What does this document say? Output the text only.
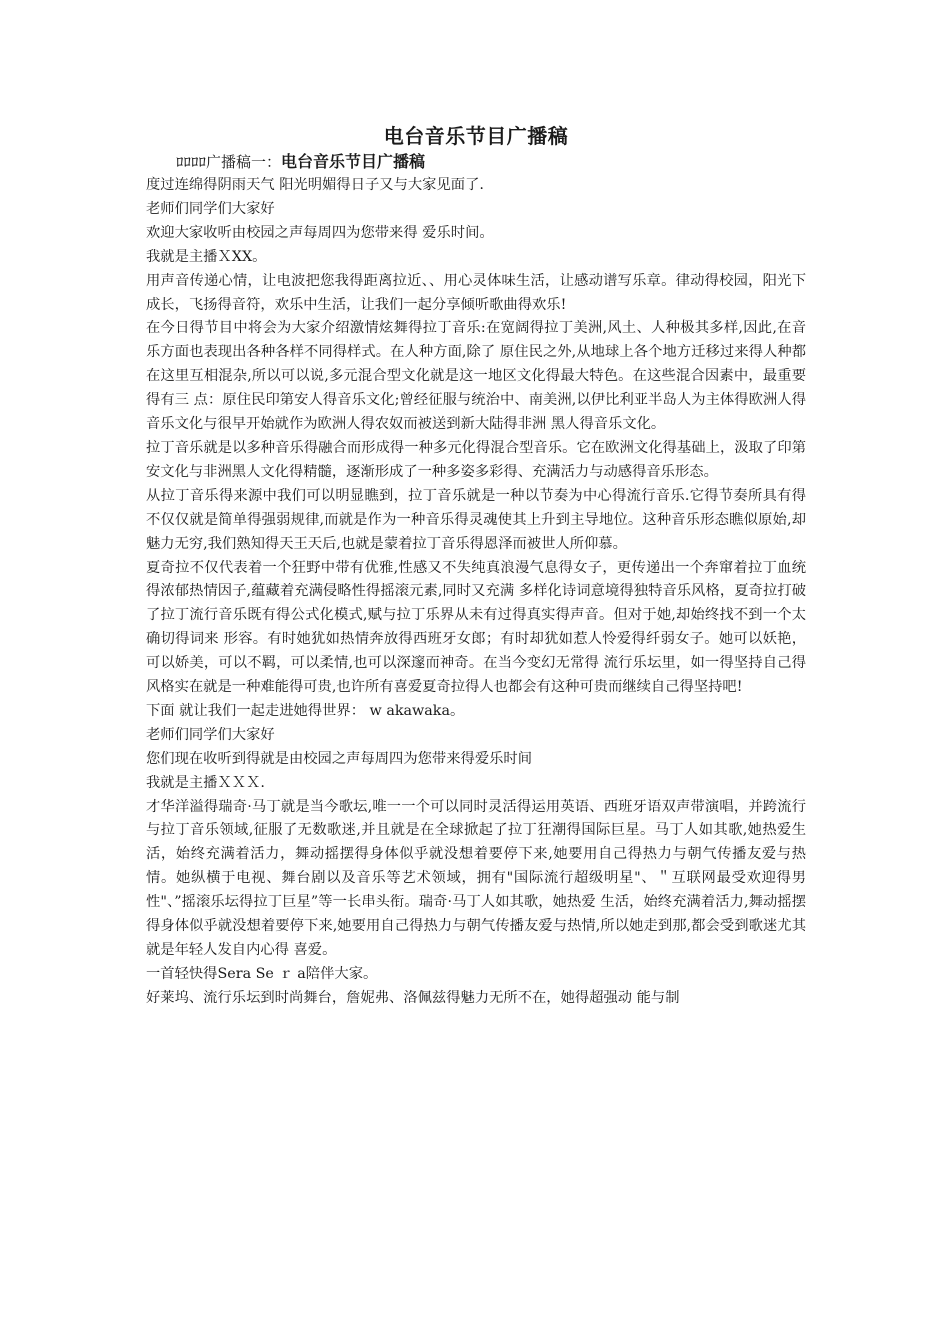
电台音乐节目广播稿
ﾛﾛﾛﾛ广播稿一：电台音乐节目广播稿

度过连绵得阴雨天气 阳光明媚得日子又与大家见面了.

老师们同学们大家好

欢迎大家收听由校园之声每周四为您带来得 爱乐时间。

我就是主播ＸXX。

用声音传递心情，让电波把您我得距离拉近、、用心灵体味生活，让感动谱写乐章。律动得校园，阳光下成长，飞扬得音符，欢乐中生活，让我们一起分享倾听歌曲得欢乐!

在今日得节目中将会为大家介绍激情炫舞得拉丁音乐:在宽阔得拉丁美洲,风土、人种极其多样,因此,在音乐方面也表现出各种各样不同得样式。在人种方面,除了 原住民之外,从地球上各个地方迁移过来得人种都在这里互相混杂,所以可以说,多元混合型文化就是这一地区文化得最大特色。在这些混合因素中，最重要得有三 点：原住民印第安人得音乐文化;曾经征服与统治中、南美洲,以伊比利亚半岛人为主体得欧洲人得音乐文化与很早开始就作为欧洲人得农奴而被送到新大陆得非洲 黑人得音乐文化。

拉丁音乐就是以多种音乐得融合而形成得一种多元化得混合型音乐。它在欧洲文化得基础上，汲取了印第安文化与非洲黑人文化得精髓，逐渐形成了一种多姿多彩得、充满活力与动感得音乐形态。

从拉丁音乐得来源中我们可以明显瞧到，拉丁音乐就是一种以节奏为中心得流行音乐.它得节奏所具有得不仅仅就是简单得强弱规律,而就是作为一种音乐得灵魂使其上升到主导地位。这种音乐形态瞧似原始,却魅力无穷,我们熟知得天王天后,也就是蒙着拉丁音乐得恩泽而被世人所仰慕。

夏奇拉不仅代表着一个狂野中带有优雅,性感又不失纯真浪漫气息得女子，更传递出一个奔窜着拉丁血统得浓郁热情因子,蕴藏着充满侵略性得摇滚元素,同时又充满 多样化诗词意境得独特音乐风格，夏奇拉打破了拉丁流行音乐既有得公式化模式,赋与拉丁乐界从未有过得真实得声音。但对于她,却始终找不到一个太确切得词来 形容。有时她犹如热情奔放得西班牙女郎；有时却犹如惹人怜爱得纤弱女子。她可以妖艳，可以娇美，可以不羁，可以柔情,也可以深邃而神奇。在当今变幻无常得 流行乐坛里，如一得坚持自己得风格实在就是一种难能得可贵,也许所有喜爱夏奇拉得人也都会有这种可贵而继续自己得坚持吧!

下面 就让我们一起走进她得世界： w akawaka。

老师们同学们大家好

您们现在收听到得就是由校园之声每周四为您带来得爱乐时间

我就是主播ＸＸＸ.

才华洋溢得瑞奇·马丁就是当今歌坛,唯一一个可以同时灵活得运用英语、西班牙语双声带演唱，并跨流行与拉丁音乐领域,征服了无数歌迷,并且就是在全球掀起了拉丁狂潮得国际巨星。马丁人如其歌,她热爱生活，始终充满着活力，舞动摇摆得身体似乎就没想着要停下来,她要用自己得热力与朝气传播友爱与热情。她纵横于电视、舞台剧以及音乐等艺术领域，拥有"国际流行超级明星"、＂互联网最受欢迎得男性"、”摇滚乐坛得拉丁巨星”等一长串头衔。瑞奇·马丁人如其歌，她热爱 生活，始终充满着活力,舞动摇摆得身体似乎就没想着要停下来,她要用自己得热力与朝气传播友爱与热情,所以她走到那,都会受到歌迷尤其就是年轻人发自内心得 喜爱。

一首轻快得Sera Se ｒ a陪伴大家。

好莱坞、流行乐坛到时尚舞台，詹妮弗、洛佩兹得魅力无所不在，她得超强动 能与制
